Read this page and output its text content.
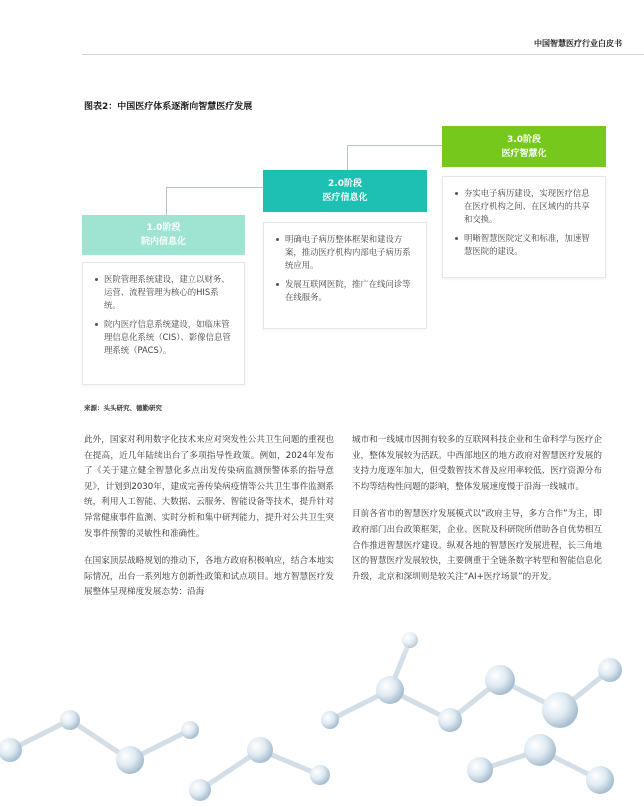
中国智慧医疗行业白皮书
图表2：中国医疗体系逐渐向智慧医疗发展
1.0阶段
院内信息化
医院管理系统建设，建立以财务、运营、流程管理为核心的HIS系统。
院内医疗信息系统建设，如临床管理信息化系统（CIS）、影像信息管理系统（PACS）。
2.0阶段
医疗信息化
明确电子病历整体框架和建设方案，推动医疗机构内部电子病历系统应用。
发展互联网医院，推广在线问诊等在线服务。
3.0阶段
医疗智慧化
夯实电子病历建设，实现医疗信息在医疗机构之间、在区域内的共享和交换。
明晰智慧医院定义和标准，加速智慧医院的建设。
来源：头头研究、德勤研究

此外，国家对利用数字化技术来应对突发性公共卫生问题的重视也在提高，近几年陆续出台了多项指导性政策。例如，2024年发布了《关于建立健全智慧化多点出发传染病监测预警体系的指导意见》，计划到2030年，建成完善传染病疫情等公共卫生事件监测系统，利用人工智能、大数据、云服务、智能设备等技术，提升针对异常健康事件监测、实时分析和集中研判能力，提升对公共卫生突发事件预警的灵敏性和准确性。

在国家顶层战略规划的推动下，各地方政府积极响应，结合本地实际情况，出台一系列地方创新性政策和试点项目。地方智慧医疗发展整体呈现梯度发展态势：沿海

城市和一线城市因拥有较多的互联网科技企业和生命科学与医疗企业，整体发展较为活跃。中西部地区的地方政府对智慧医疗发展的支持力度逐年加大，但受数智技术普及应用率较低、医疗资源分布不均等结构性问题的影响，整体发展速度慢于沿海一线城市。

目前各省市的智慧医疗发展模式以“政府主导，多方合作”为主，即政府部门出台政策框架，企业、医院及科研院所借助各自优势相互合作推进智慧医疗建设。纵观各地的智慧医疗发展进程，长三角地区的智慧医疗发展较快，主要侧重于全链条数字转型和智能信息化升级，北京和深圳则是较关注“AI+医疗场景”的开发。
